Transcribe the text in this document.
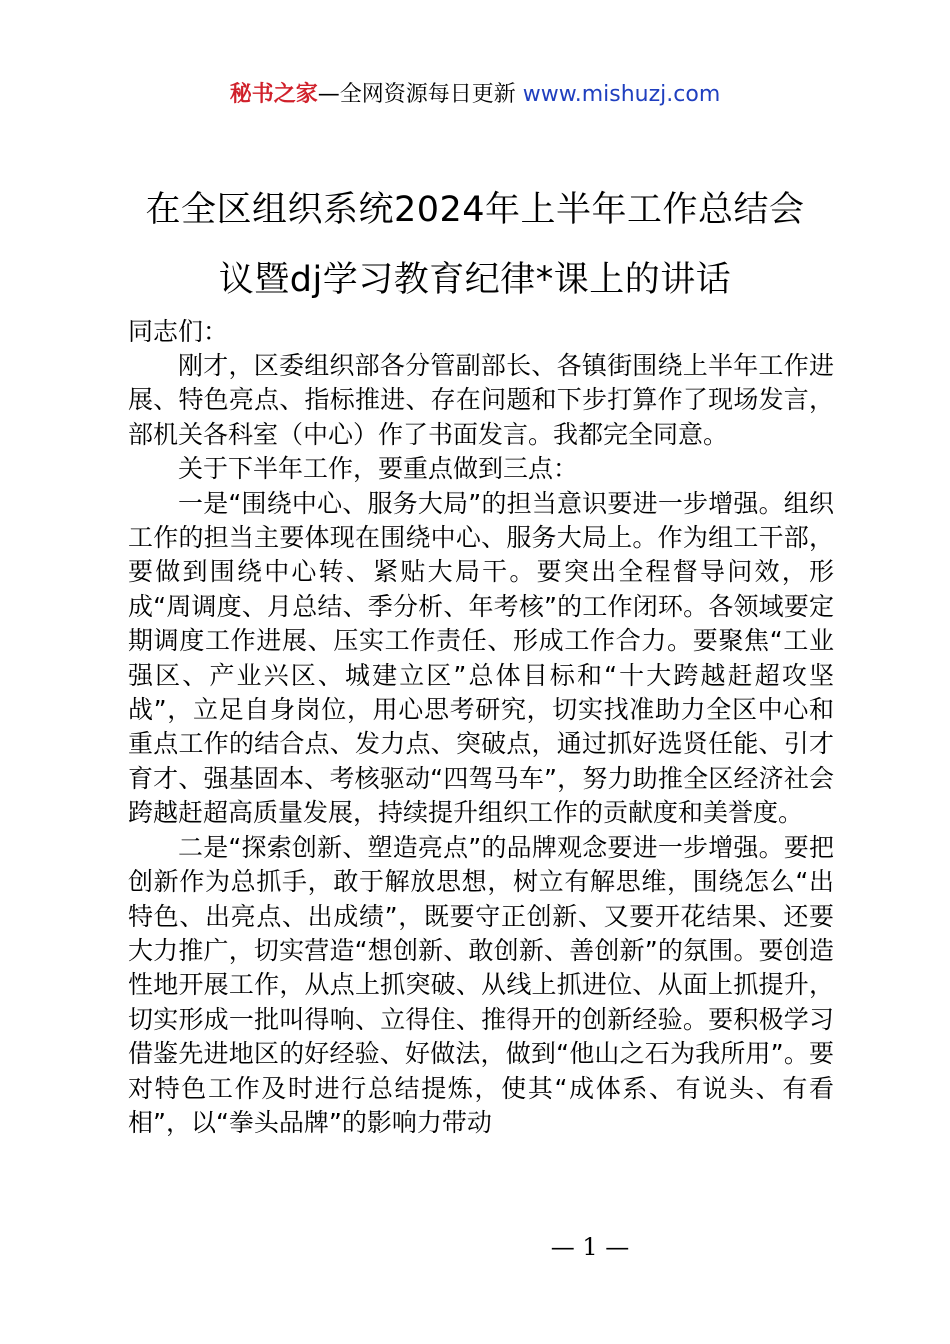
秘书之家—全网资源每日更新 www.mishuzj.com
在全区组织系统2024年上半年工作总结会
议暨dj学习教育纪律*课上的讲话

同志们：

刚才，区委组织部各分管副部长、各镇街围绕上半年工作进展、特色亮点、指标推进、存在问题和下步打算作了现场发言，部机关各科室（中心）作了书面发言。我都完全同意。

关于下半年工作，要重点做到三点：

一是“围绕中心、服务大局”的担当意识要进一步增强。组织工作的担当主要体现在围绕中心、服务大局上。作为组工干部，要做到围绕中心转、紧贴大局干。要突出全程督导问效，形成“周调度、月总结、季分析、年考核”的工作闭环。各领域要定期调度工作进展、压实工作责任、形成工作合力。要聚焦“工业强区、产业兴区、城建立区”总体目标和“十大跨越赶超攻坚战”，立足自身岗位，用心思考研究，切实找准助力全区中心和重点工作的结合点、发力点、突破点，通过抓好选贤任能、引才育才、强基固本、考核驱动“四驾马车”，努力助推全区经济社会跨越赶超高质量发展，持续提升组织工作的贡献度和美誉度。

二是“探索创新、塑造亮点”的品牌观念要进一步增强。要把创新作为总抓手，敢于解放思想，树立有解思维，围绕怎么“出特色、出亮点、出成绩”，既要守正创新、又要开花结果、还要大力推广，切实营造“想创新、敢创新、善创新”的氛围。要创造性地开展工作，从点上抓突破、从线上抓进位、从面上抓提升，切实形成一批叫得响、立得住、推得开的创新经验。要积极学习借鉴先进地区的好经验、好做法，做到“他山之石为我所用”。要对特色工作及时进行总结提炼，使其“成体系、有说头、有看相”，以“拳头品牌”的影响力带动

— 1 —
